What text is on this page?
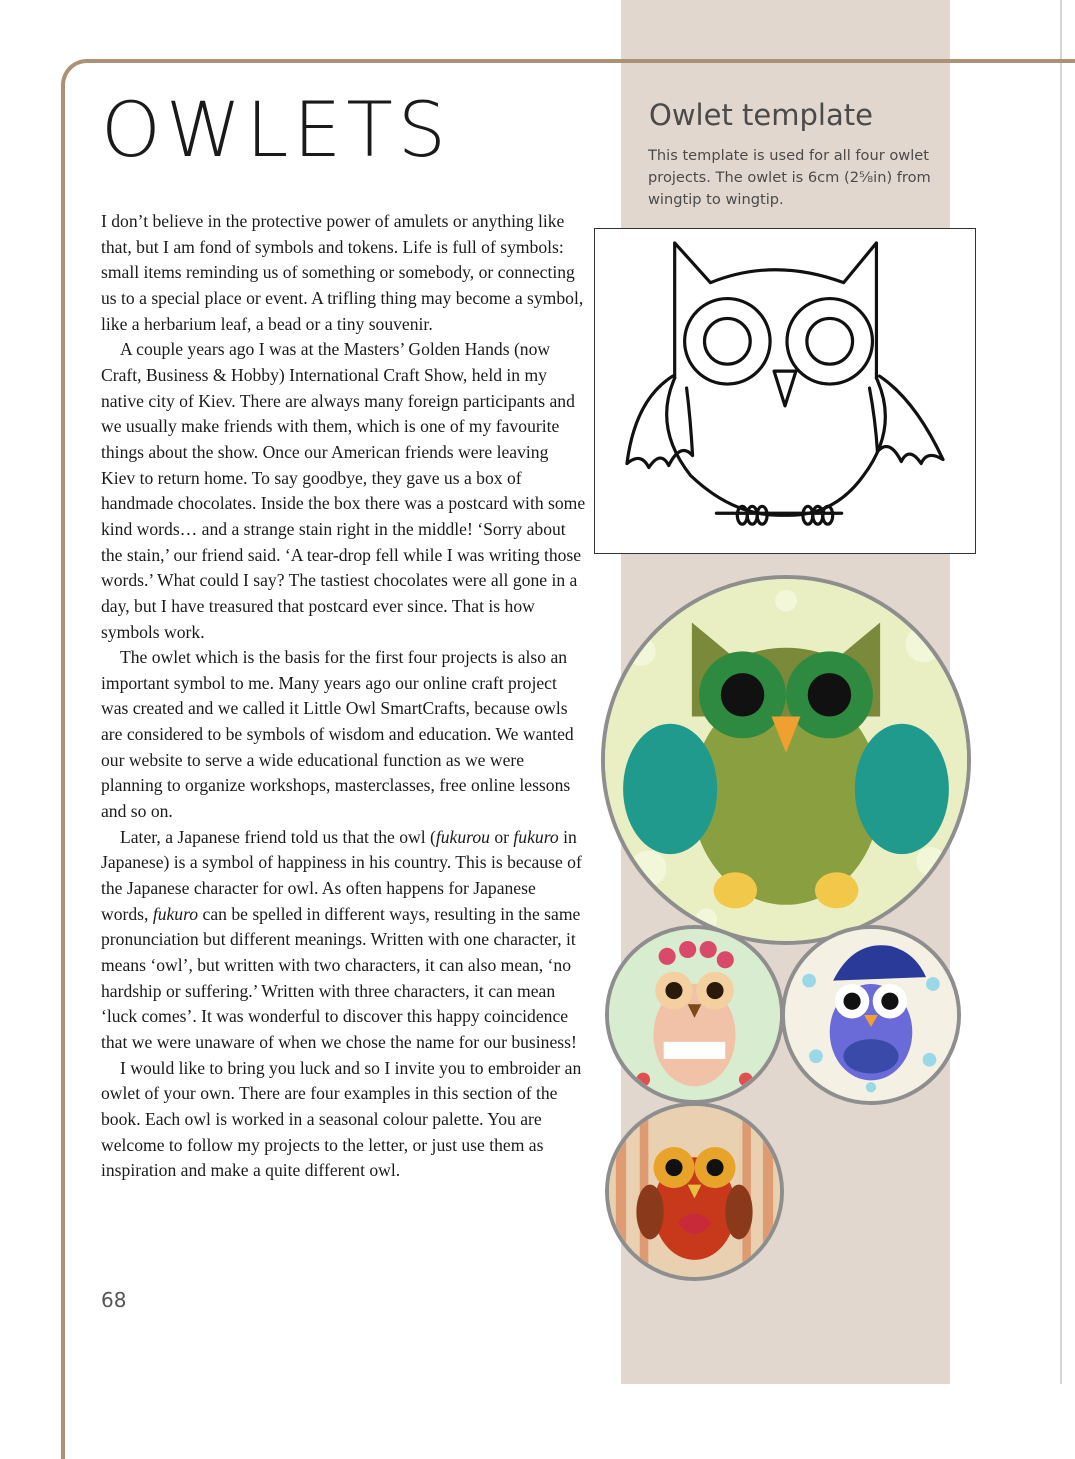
OWLETS

I don’t believe in the protective power of amulets or anything like that, but I am fond of symbols and tokens. Life is full of symbols: small items reminding us of something or somebody, or connecting us to a special place or event. A trifling thing may become a symbol, like a herbarium leaf, a bead or a tiny souvenir.

A couple years ago I was at the Masters’ Golden Hands (now Craft, Business & Hobby) International Craft Show, held in my native city of Kiev. There are always many foreign participants and we usually make friends with them, which is one of my favourite things about the show. Once our American friends were leaving Kiev to return home. To say goodbye, they gave us a box of handmade chocolates. Inside the box there was a postcard with some kind words… and a strange stain right in the middle! ‘Sorry about the stain,’ our friend said. ‘A tear-drop fell while I was writing those words.’ What could I say? The tastiest chocolates were all gone in a day, but I have treasured that postcard ever since. That is how symbols work.

The owlet which is the basis for the first four projects is also an important symbol to me. Many years ago our online craft project was created and we called it Little Owl SmartCrafts, because owls are considered to be symbols of wisdom and education. We wanted our website to serve a wide educational function as we were planning to organize workshops, masterclasses, free online lessons and so on.

Later, a Japanese friend told us that the owl (fukurou or fukuro in Japanese) is a symbol of happiness in his country. This is because of the Japanese character for owl. As often happens for Japanese words, fukuro can be spelled in different ways, resulting in the same pronunciation but different meanings. Written with one character, it means ‘owl’, but written with two characters, it can also mean, ‘no hardship or suffering.’ Written with three characters, it can mean ‘luck comes’. It was wonderful to discover this happy coincidence that we were unaware of when we chose the name for our business!

I would like to bring you luck and so I invite you to embroider an owlet of your own. There are four examples in this section of the book. Each owl is worked in a seasonal colour palette. You are welcome to follow my projects to the letter, or just use them as inspiration and make a quite different owl.

68
Owlet template
This template is used for all four owlet projects. The owlet is 6cm (2⅝in) from wingtip to wingtip.
